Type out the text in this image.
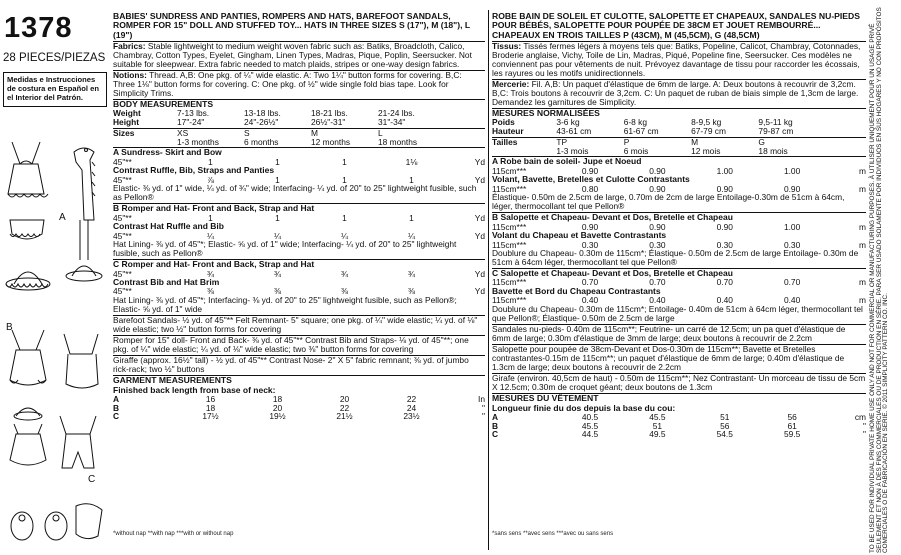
1378
28 PIECES/PIEZAS
Medidas e Instrucciones de costura en Español en el Interior del Patrón.
A
B
C
BABIES' SUNDRESS AND PANTIES, ROMPERS AND HATS, BAREFOOT SANDALS, ROMPER FOR 15" DOLL AND STUFFED TOY... HATS IN THREE SIZES S (17"), M (18"), L (19")
Fabrics: Stable lightweight to medium weight woven fabric such as: Batiks, Broadcloth, Calico, Chambray, Cotton Types, Eyelet, Gingham, Linen Types, Madras, Pique, Poplin, Seersucker. Not suitable for sleepwear. Extra fabric needed to match plaids, stripes or one-way design fabrics.
Notions: Thread. A,B: One pkg. of ¼" wide elastic. A: Two 1¼" button forms for covering. B,C: Three 1⅛" button forms for covering. C: One pkg. of ½" wide single fold bias tape. Look for Simplicity Trims.
BODY MEASUREMENTS
Weight	7-13 lbs.	13-18 lbs.	18-21 lbs.	21-24 lbs.	
Height	17"-24"	24"-26½"	26½"-31"	31"-34"	
Sizes	XS	S	M	L	
	1-3 months	6 months	12 months	18 months	
A Sundress- Skirt and Bow
45"**	1	1	1	1⅛	Yd
Contrast Ruffle, Bib, Straps and Panties
45"**	⅞	1	1	1	Yd
Elastic- ⅜ yd. of 1" wide, ¼ yd. of ¾" wide; Interfacing- ¼ yd. of 20" to 25" lightweight fusible, such as Pellon®
B Romper and Hat- Front and Back, Strap and Hat
45"**	1	1	1	1	Yd
Contrast Hat Ruffle and Bib
45"**	¼	¼	¼	¼	Yd
Hat Lining- ⅜ yd. of 45"*; Elastic- ⅝ yd. of 1" wide; Interfacing- ¼ yd. of 20" to 25" lightweight fusible, such as Pellon®
C Romper and Hat- Front and Back, Strap and Hat
45"**	¾	¾	¾	¾	Yd
Contrast Bib and Hat Brim
45"**	⅜	⅜	⅜	⅜	Yd
Hat Lining- ⅜ yd. of 45"*; Interfacing- ⅜ yd. of 20" to 25" lightweight fusible, such as Pellon®; Elastic- ⅝ yd. of 1" wide
Barefoot Sandals- ½ yd. of 45"** Felt Remnant- 5" square; one pkg. of ¼" wide elastic; ¼ yd. of ⅛" wide elastic; two ½" button forms for covering
Romper for 15" doll- Front and Back- ⅜ yd. of 45"** Contrast Bib and Straps- ⅛ yd. of 45"**; one pkg. of ¼" wide elastic; ¼ yd. of ⅛" wide elastic; two ⅜" button forms for covering
Giraffe (approx. 16½" tall) - ½ yd. of 45"** Contrast Nose- 2" X 5" fabric remnant; ⅜ yd. of jumbo rick-rack; two ½" buttons
GARMENT MEASUREMENTS
Finished back length from base of neck:
A	16	18	20	22	In
B	18	20	22	24	"
C	17½	19½	21½	23½	"
*without nap **with nap ***with or without nap
ROBE BAIN DE SOLEIL ET CULOTTE, SALOPETTE ET CHAPEAUX, SANDALES NU-PIEDS POUR BÉBÉS, SALOPETTE POUR POUPÉE DE 38CM ET JOUET REMBOURRÉ... CHAPEAUX EN TROIS TAILLES P (43CM), M (45,5CM), G (48,5CM)
Tissus: Tissés fermes légers à moyens tels que: Batiks, Popeline, Calicot, Chambray, Cotonnades, Broderie anglaise, Vichy, Toile de Lin, Madras, Piqué, Popeline fine, Seersucker. Ces modèles ne conviennent pas pour vêtements de nuit. Prévoyez davantage de tissu pour raccorder les écossais, les rayures ou les motifs unidirectionnels.
Mercerie: Fil. A,B: Un paquet d'élastique de 6mm de large. A: Deux boutons à recouvrir de 3,2cm. B,C: Trois boutons à recouvrir de 3,2cm. C: Un paquet de ruban de biais simple de 1,3cm de large. Demandez les garnitures de Simplicity.
MESURES NORMALISÉES
Poids	3-6 kg	6-8 kg	8-9,5 kg	9,5-11 kg	
Hauteur	43-61 cm	61-67 cm	67-79 cm	79-87 cm	
Tailles	TP	P	M	G	
	1-3 mois	6 mois	12 mois	18 mois	
A Robe bain de soleil- Jupe et Noeud
115cm***	0.90	0.90	1.00	1.00	m
Volant, Bavette, Bretelles et Culotte Contrastants
115cm***	0.80	0.90	0.90	0.90	m
Élastique- 0.50m de 2.5cm de large, 0.70m de 2cm de large Entoilage-0.30m de 51cm à 64cm, léger, thermocollant tel que Pellon®
B Salopette et Chapeau- Devant et Dos, Bretelle et Chapeau
115cm***	0.90	0.90	0.90	1.00	m
Volant du Chapeau et Bavette Contrastants
115cm***	0.30	0.30	0.30	0.30	m
Doublure du Chapeau- 0.30m de 115cm*; Élastique- 0.50m de 2.5cm de large Entoilage- 0.30m de 51cm à 64cm léger, thermocollant tel que Pellon®
C Salopette et Chapeau- Devant et Dos, Bretelle et Chapeau
115cm***	0.70	0.70	0.70	0.70	m
Bavette et Bord du Chapeau Contrastants
115cm***	0.40	0.40	0.40	0.40	m
Doublure du Chapeau- 0.30m de 115cm*; Entoilage- 0.40m de 51cm à 64cm léger, thermocollant tel que Pellon®; Élastique- 0.50m de 2.5cm de large
Sandales nu-pieds- 0.40m de 115cm**; Feutrine- un carré de 12.5cm; un pa quet d'élastique de 6mm de large; 0.30m d'élastique de 3mm de large; deux boutons à recouvrir de 2.2cm
Salopette pour poupée de 38cm-Devant et Dos-0.30m de 115cm**; Bavette et Bretelles contrastantes-0.15m de 115cm**; un paquet d'élastique de 6mm de large; 0.40m d'élastique de 1.3cm de large; deux boutons à recouvrir de 2.2cm
Girafe (environ. 40,5cm de haut) - 0.50m de 115cm**; Nez Contrastant- Un morceau de tissu de 5cm X 12.5cm; 0.30m de croquet géant; deux boutons de 1.3cm
MESURES DU VÊTEMENT
Longueur finie du dos depuis la base du cou:
A	40.5	45.5	51	56	cm
B	45.5	51	56	61	"
C	44.5	49.5	54.5	59.5	"
*sans sens **avec sens ***avec ou sans sens	TO BE USED FOR INDIVIDUAL PRIVATE HOME USE ONLY AND NOT FOR COMMERCIAL OR MANUFACTURING PURPOSES. À UTILISER UNIQUEMENT POUR UN USAGE PRIVÉ SEULEMENT ET NON À DES FINS COMMERCIALES OU DE PRODUCTION EN SÉRIE. PARA SER USADO SOLAMENTE POR INDIVIDUOS EN SUS HOGARES Y NO CON PROPÓSITOS COMERCIALES O DE FABRICACIÓN EN SERIE. © 2011 SIMPLICITY PATTERN CO. INC.
